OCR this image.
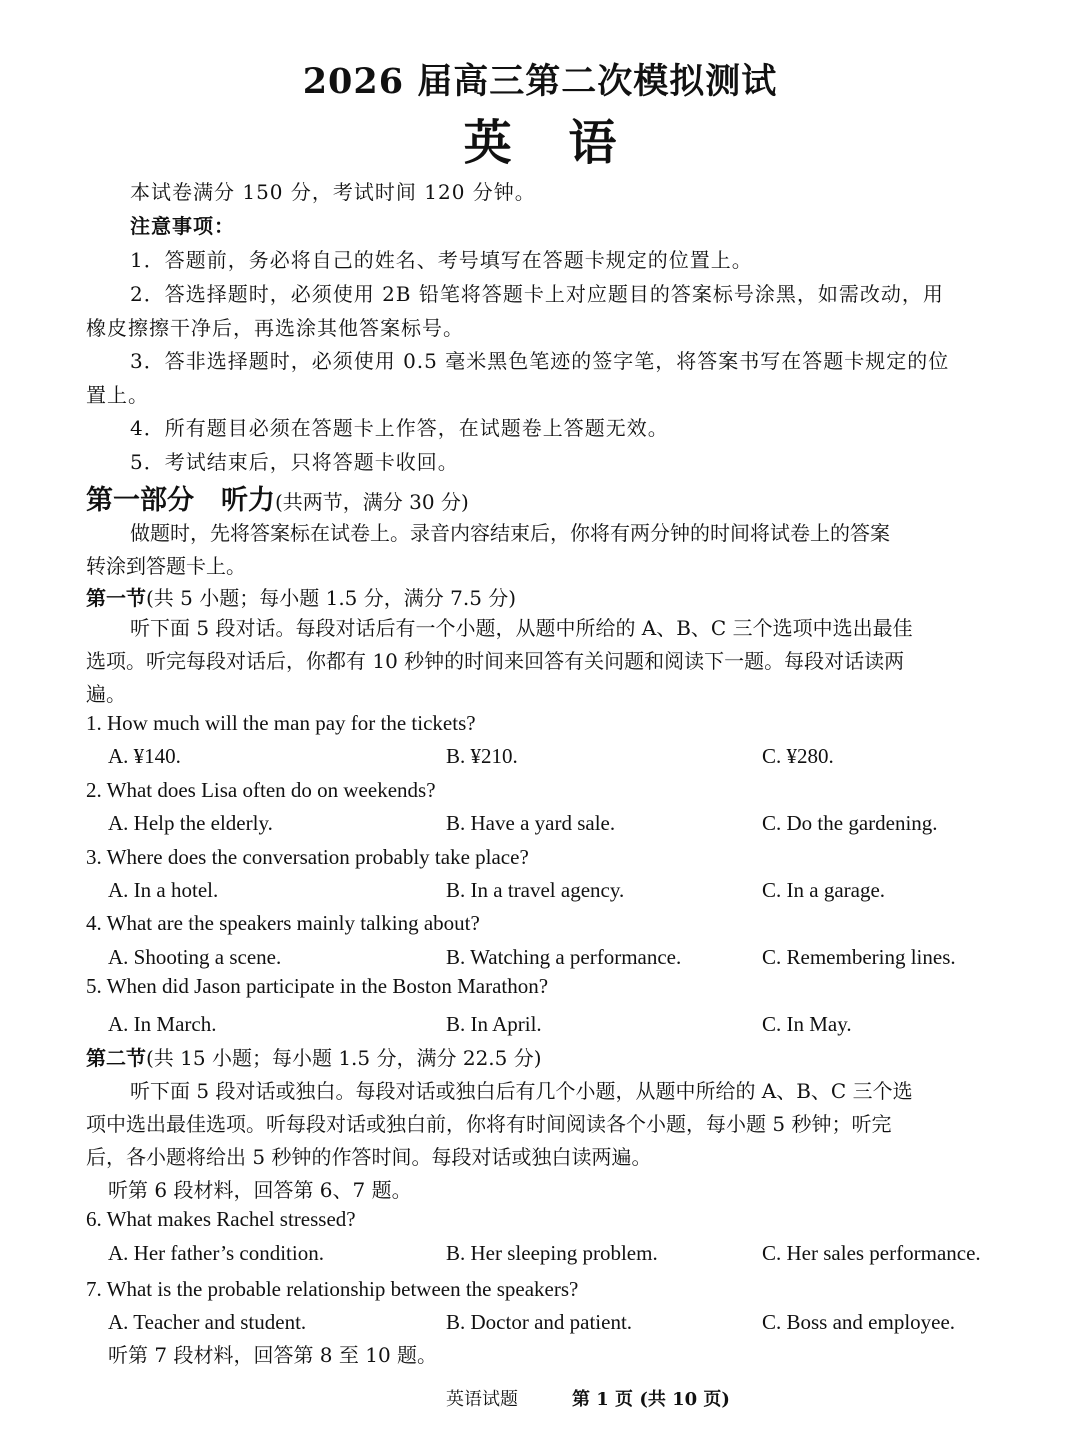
2026 届高三第二次模拟测试
英 语
本试卷满分 150 分，考试时间 120 分钟。
注意事项：
1．答题前，务必将自己的姓名、考号填写在答题卡规定的位置上。
2．答选择题时，必须使用 2B 铅笔将答题卡上对应题目的答案标号涂黑，如需改动，用
橡皮擦擦干净后，再选涂其他答案标号。
3．答非选择题时，必须使用 0.5 毫米黑色笔迹的签字笔，将答案书写在答题卡规定的位
置上。
4．所有题目必须在答题卡上作答，在试题卷上答题无效。
5．考试结束后，只将答题卡收回。
第一部分　听力(共两节，满分 30 分)
做题时，先将答案标在试卷上。录音内容结束后，你将有两分钟的时间将试卷上的答案
转涂到答题卡上。
第一节(共 5 小题；每小题 1.5 分，满分 7.5 分)
听下面 5 段对话。每段对话后有一个小题，从题中所给的 A、B、C 三个选项中选出最佳
选项。听完每段对话后，你都有 10 秒钟的时间来回答有关问题和阅读下一题。每段对话读两
遍。
1. How much will the man pay for the tickets?
A. ¥140.	B. ¥210.	C. ¥280.
2. What does Lisa often do on weekends?
A. Help the elderly.	B. Have a yard sale.	C. Do the gardening.
3. Where does the conversation probably take place?
A. In a hotel.	B. In a travel agency.	C. In a garage.
4. What are the speakers mainly talking about?
A. Shooting a scene.	B. Watching a performance.	C. Remembering lines.
5. When did Jason participate in the Boston Marathon?
A. In March.	B. In April.	C. In May.
第二节(共 15 小题；每小题 1.5 分，满分 22.5 分)
听下面 5 段对话或独白。每段对话或独白后有几个小题，从题中所给的 A、B、C 三个选
项中选出最佳选项。听每段对话或独白前，你将有时间阅读各个小题，每小题 5 秒钟；听完
后，各小题将给出 5 秒钟的作答时间。每段对话或独白读两遍。
听第 6 段材料，回答第 6、7 题。
6. What makes Rachel stressed?
A. Her father’s condition.	B. Her sleeping problem.	C. Her sales performance.
7. What is the probable relationship between the speakers?
A. Teacher and student.	B. Doctor and patient.	C. Boss and employee.
听第 7 段材料，回答第 8 至 10 题。
英语试题	第 1 页 (共 10 页)
